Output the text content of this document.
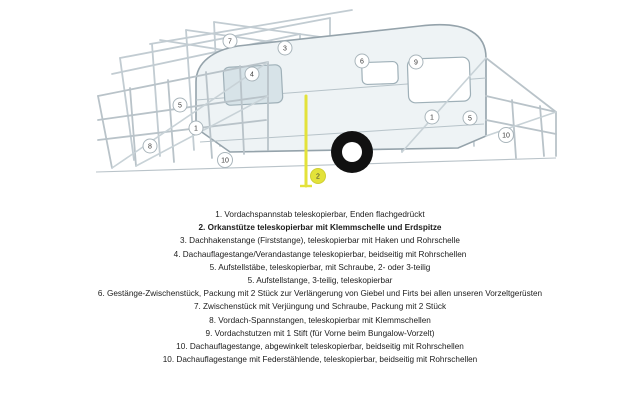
1
1
2
3
4
5
5
6
7
8
9
10
10
1. Vordachspannstab teleskopierbar, Enden flachgedrückt
2. Orkanstütze teleskopierbar mit Klemmschelle und Erdspitze
3. Dachhakenstange (Firststange), teleskopierbar mit Haken und Rohrschelle
4. Dachauflagestange/Verandastange teleskopierbar, beidseitig mit Rohrschellen
5. Aufstellstäbe, teleskopierbar, mit Schraube, 2- oder 3-teilig
5. Aufstellstange, 3-teilig, teleskopierbar
6. Gestänge-Zwischenstück, Packung mit 2 Stück zur Verlängerung von Giebel und Firts bei allen unseren Vorzeltgerüsten
7. Zwischenstück mit Verjüngung und Schraube, Packung mit 2 Stück
8. Vordach-Spannstangen, teleskopierbar mit Klemmschellen
9. Vordachstutzen mit 1 Stift (für Vorne beim Bungalow-Vorzelt)
10. Dachauflagestange, abgewinkelt teleskopierbar, beidseitig mit Rohrschellen
10. Dachauflagestange mit Federstählende, teleskopierbar, beidseitig mit Rohrschellen
